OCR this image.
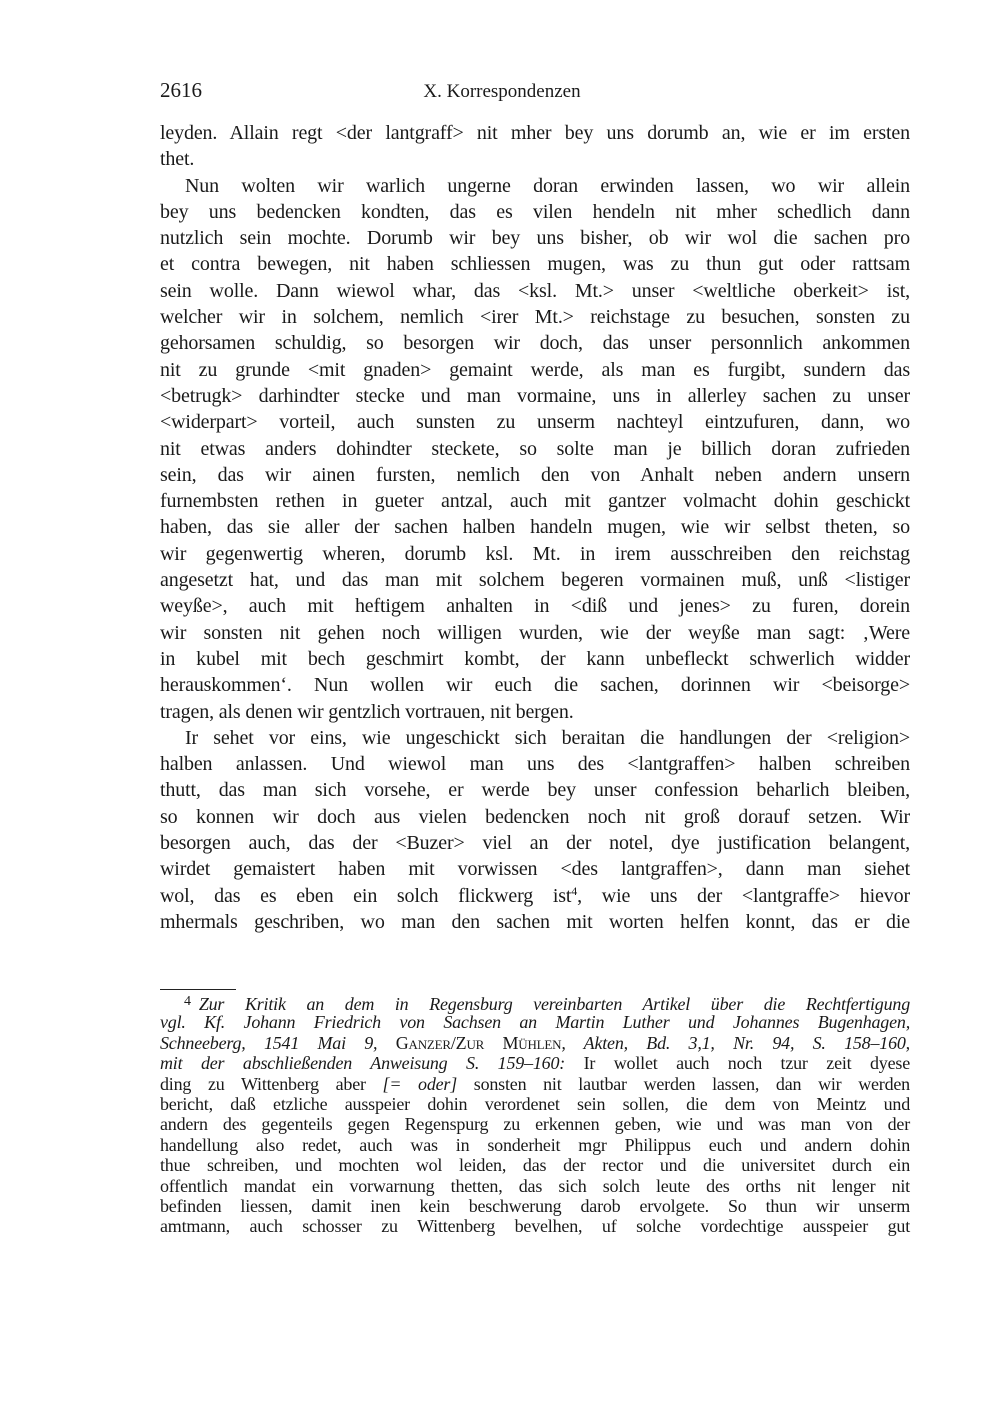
2616	X. Korrespondenzen
leyden. Allain regt <der lantgraff> nit mher bey uns dorumb an, wie er im ersten
thet.
Nun wolten wir warlich ungerne doran erwinden lassen, wo wir allein
bey uns bedencken kondten, das es vilen hendeln nit mher schedlich dann
nutzlich sein mochte. Dorumb wir bey uns bisher, ob wir wol die sachen pro
et contra bewegen, nit haben schliessen mugen, was zu thun gut oder rattsam
sein wolle. Dann wiewol whar, das <ksl. Mt.> unser <weltliche oberkeit> ist,
welcher wir in solchem, nemlich <irer Mt.> reichstage zu besuchen, sonsten zu
gehorsamen schuldig, so besorgen wir doch, das unser personnlich ankommen
nit zu grunde <mit gnaden> gemaint werde, als man es furgibt, sundern das
<betrugk> darhindter stecke und man vormaine, uns in allerley sachen zu unser
<widerpart> vorteil, auch sunsten zu unserm nachteyl eintzufuren, dann, wo
nit etwas anders dohindter steckete, so solte man je billich doran zufrieden
sein, das wir ainen fursten, nemlich den von Anhalt neben andern unsern
furnembsten rethen in gueter antzal, auch mit gantzer volmacht dohin geschickt
haben, das sie aller der sachen halben handeln mugen, wie wir selbst theten, so
wir gegenwertig wheren, dorumb ksl. Mt. in irem ausschreiben den reichstag
angesetzt hat, und das man mit solchem begeren vormainen muß, unß <listiger
weyße>, auch mit heftigem anhalten in <diß und jenes> zu furen, dorein
wir sonsten nit gehen noch willigen wurden, wie der weyße man sagt: ‚Were
in kubel mit bech geschmirt kombt, der kann unbefleckt schwerlich widder
herauskommen‘. Nun wollen wir euch die sachen, dorinnen wir <beisorge>
tragen, als denen wir gentzlich vortrauen, nit bergen.
Ir sehet vor eins, wie ungeschickt sich beraitan die handlungen der <religion>
halben anlassen. Und wiewol man uns des <lantgraffen> halben schreiben
thutt, das man sich vorsehe, er werde bey unser confession beharlich bleiben,
so konnen wir doch aus vielen bedencken noch nit groß dorauf setzen. Wir
besorgen auch, das der <Buzer> viel an der notel, dye justification belangent,
wirdet gemaistert haben mit vorwissen <des lantgraffen>, dann man siehet
wol, das es eben ein solch flickwerg ist$^4$, wie uns der <lantgraffe> hievor
mhermals geschriben, wo man den sachen mit worten helfen konnt, das er die
$^4$ Zur Kritik an dem in Regensburg vereinbarten Artikel über die Rechtfertigung
vgl. Kf. Johann Friedrich von Sachsen an Martin Luther und Johannes Bugenhagen,
Schneeberg, 1541 Mai 9, Ganzer/Zur Mühlen, Akten, Bd. 3,1, Nr. 94, S. 158–160,
mit der abschließenden Anweisung S. 159–160: Ir wollet auch noch tzur zeit dyese
ding zu Wittenberg aber [= oder] sonsten nit lautbar werden lassen, dan wir werden
bericht, daß etzliche ausspeier dohin verordenet sein sollen, die dem von Meintz und
andern des gegenteils gegen Regenspurg zu erkennen geben, wie und was man von der
handellung also redet, auch was in sonderheit mgr Philippus euch und andern dohin
thue schreiben, und mochten wol leiden, das der rector und die universitet durch ein
offentlich mandat ein vorwarnung thetten, das sich solch leute des orths nit lenger nit
befinden liessen, damit inen kein beschwerung darob ervolgete. So thun wir unserm
amtmann, auch schosser zu Wittenberg bevelhen, uf solche vordechtige ausspeier gut
